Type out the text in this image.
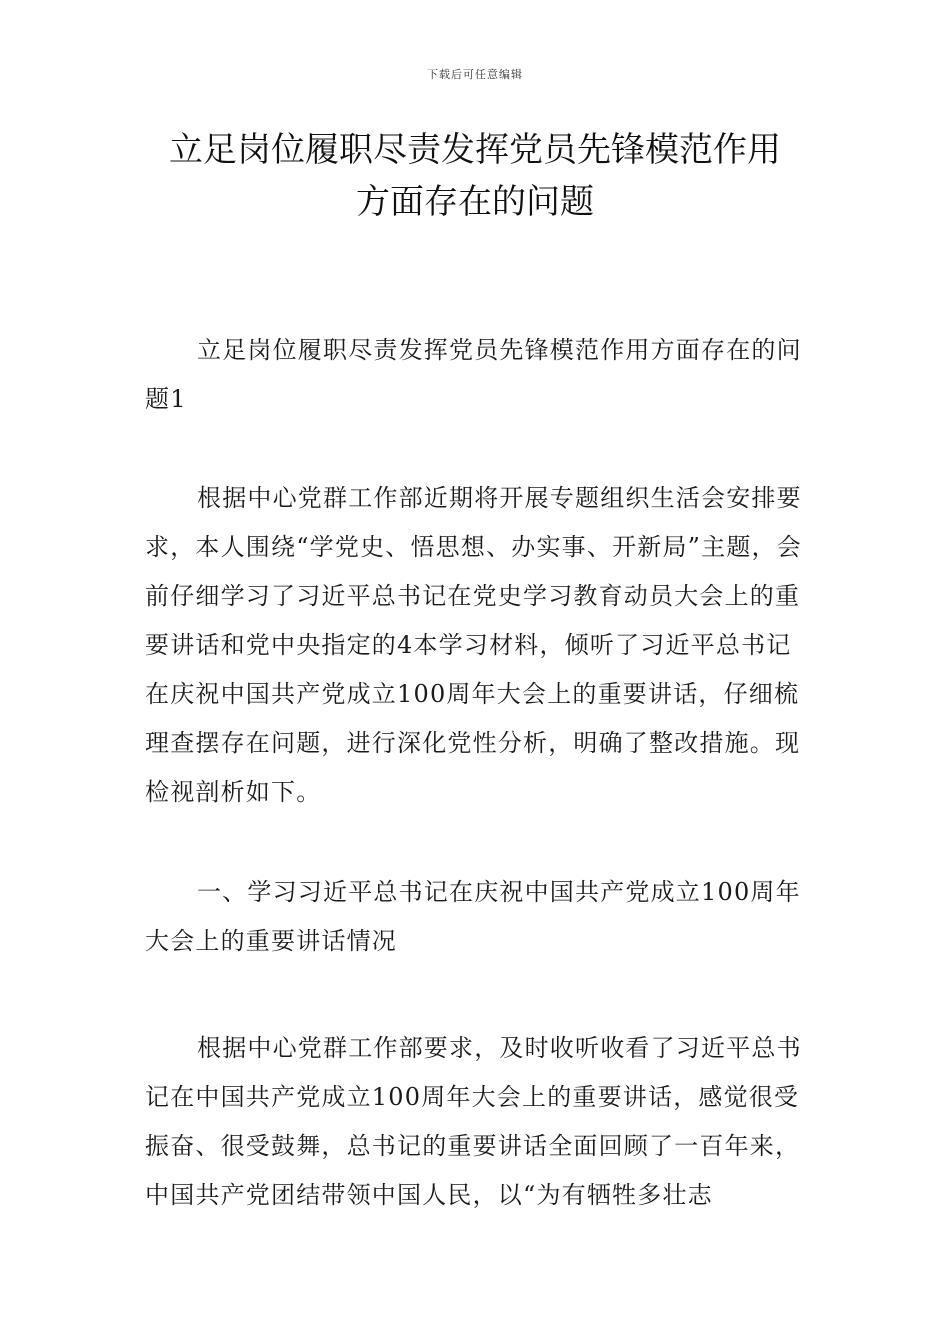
下载后可任意编辑
立足岗位履职尽责发挥党员先锋模范作用
方面存在的问题

立足岗位履职尽责发挥党员先锋模范作用方面存在的问题1

根据中心党群工作部近期将开展专题组织生活会安排要求，本人围绕“学党史、悟思想、办实事、开新局”主题，会前仔细学习了习近平总书记在党史学习教育动员大会上的重要讲话和党中央指定的4本学习材料，倾听了习近平总书记在庆祝中国共产党成立100周年大会上的重要讲话，仔细梳理查摆存在问题，进行深化党性分析，明确了整改措施。现检视剖析如下。

一、学习习近平总书记在庆祝中国共产党成立100周年大会上的重要讲话情况

根据中心党群工作部要求，及时收听收看了习近平总书记在中国共产党成立100周年大会上的重要讲话，感觉很受振奋、很受鼓舞，总书记的重要讲话全面回顾了一百年来，中国共产党团结带领中国人民，以“为有牺牲多壮志
